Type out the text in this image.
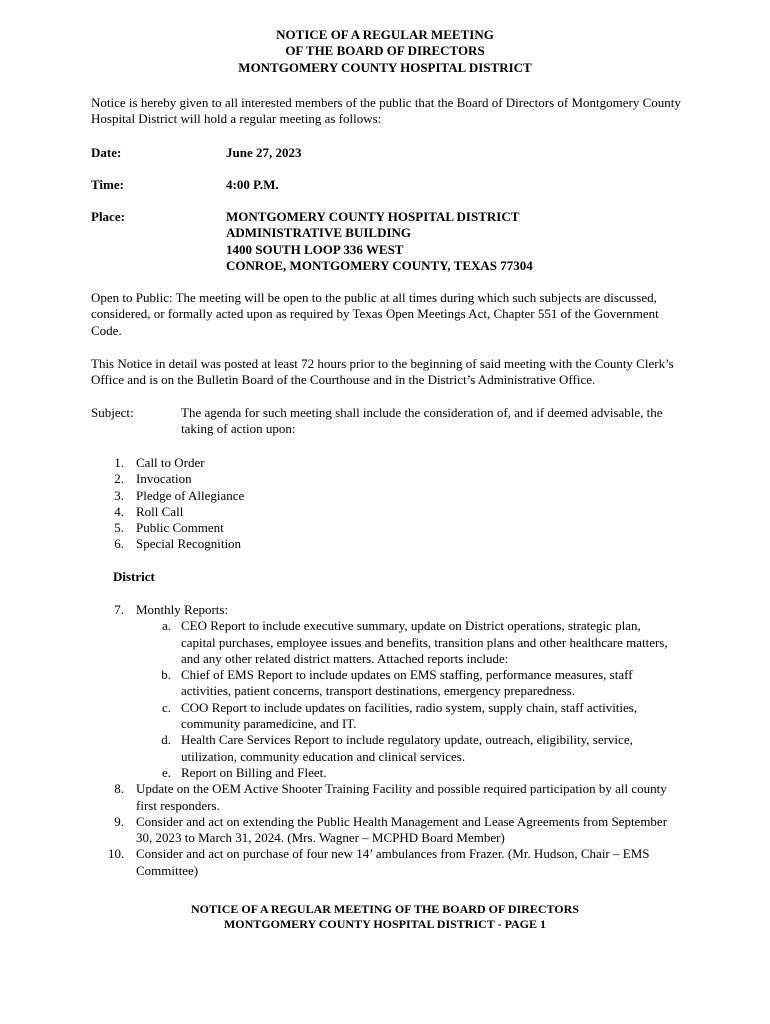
NOTICE OF A REGULAR MEETING
OF THE BOARD OF DIRECTORS
MONTGOMERY COUNTY HOSPITAL DISTRICT
Notice is hereby given to all interested members of the public that the Board of Directors of Montgomery County Hospital District will hold a regular meeting as follows:
Date:	June 27, 2023
Time:	4:00 P.M.
Place:	MONTGOMERY COUNTY HOSPITAL DISTRICT
ADMINISTRATIVE BUILDING
1400 SOUTH LOOP 336 WEST
CONROE, MONTGOMERY COUNTY, TEXAS 77304
Open to Public: The meeting will be open to the public at all times during which such subjects are discussed, considered, or formally acted upon as required by Texas Open Meetings Act, Chapter 551 of the Government Code.
This Notice in detail was posted at least 72 hours prior to the beginning of said meeting with the County Clerk’s Office and is on the Bulletin Board of the Courthouse and in the District’s Administrative Office.
Subject:	The agenda for such meeting shall include the consideration of, and if deemed advisable, the taking of action upon:
1. Call to Order
2. Invocation
3. Pledge of Allegiance
4. Roll Call
5. Public Comment
6. Special Recognition
District
7. Monthly Reports:
a. CEO Report to include executive summary, update on District operations, strategic plan, capital purchases, employee issues and benefits, transition plans and other healthcare matters, and any other related district matters. Attached reports include:
b. Chief of EMS Report to include updates on EMS staffing, performance measures, staff activities, patient concerns, transport destinations, emergency preparedness.
c. COO Report to include updates on facilities, radio system, supply chain, staff activities, community paramedicine, and IT.
d. Health Care Services Report to include regulatory update, outreach, eligibility, service, utilization, community education and clinical services.
e. Report on Billing and Fleet.
8. Update on the OEM Active Shooter Training Facility and possible required participation by all county first responders.
9. Consider and act on extending the Public Health Management and Lease Agreements from September 30, 2023 to March 31, 2024. (Mrs. Wagner – MCPHD Board Member)
10. Consider and act on purchase of four new 14’ ambulances from Frazer. (Mr. Hudson, Chair – EMS Committee)
NOTICE OF A REGULAR MEETING OF THE BOARD OF DIRECTORS
MONTGOMERY COUNTY HOSPITAL DISTRICT - PAGE 1
